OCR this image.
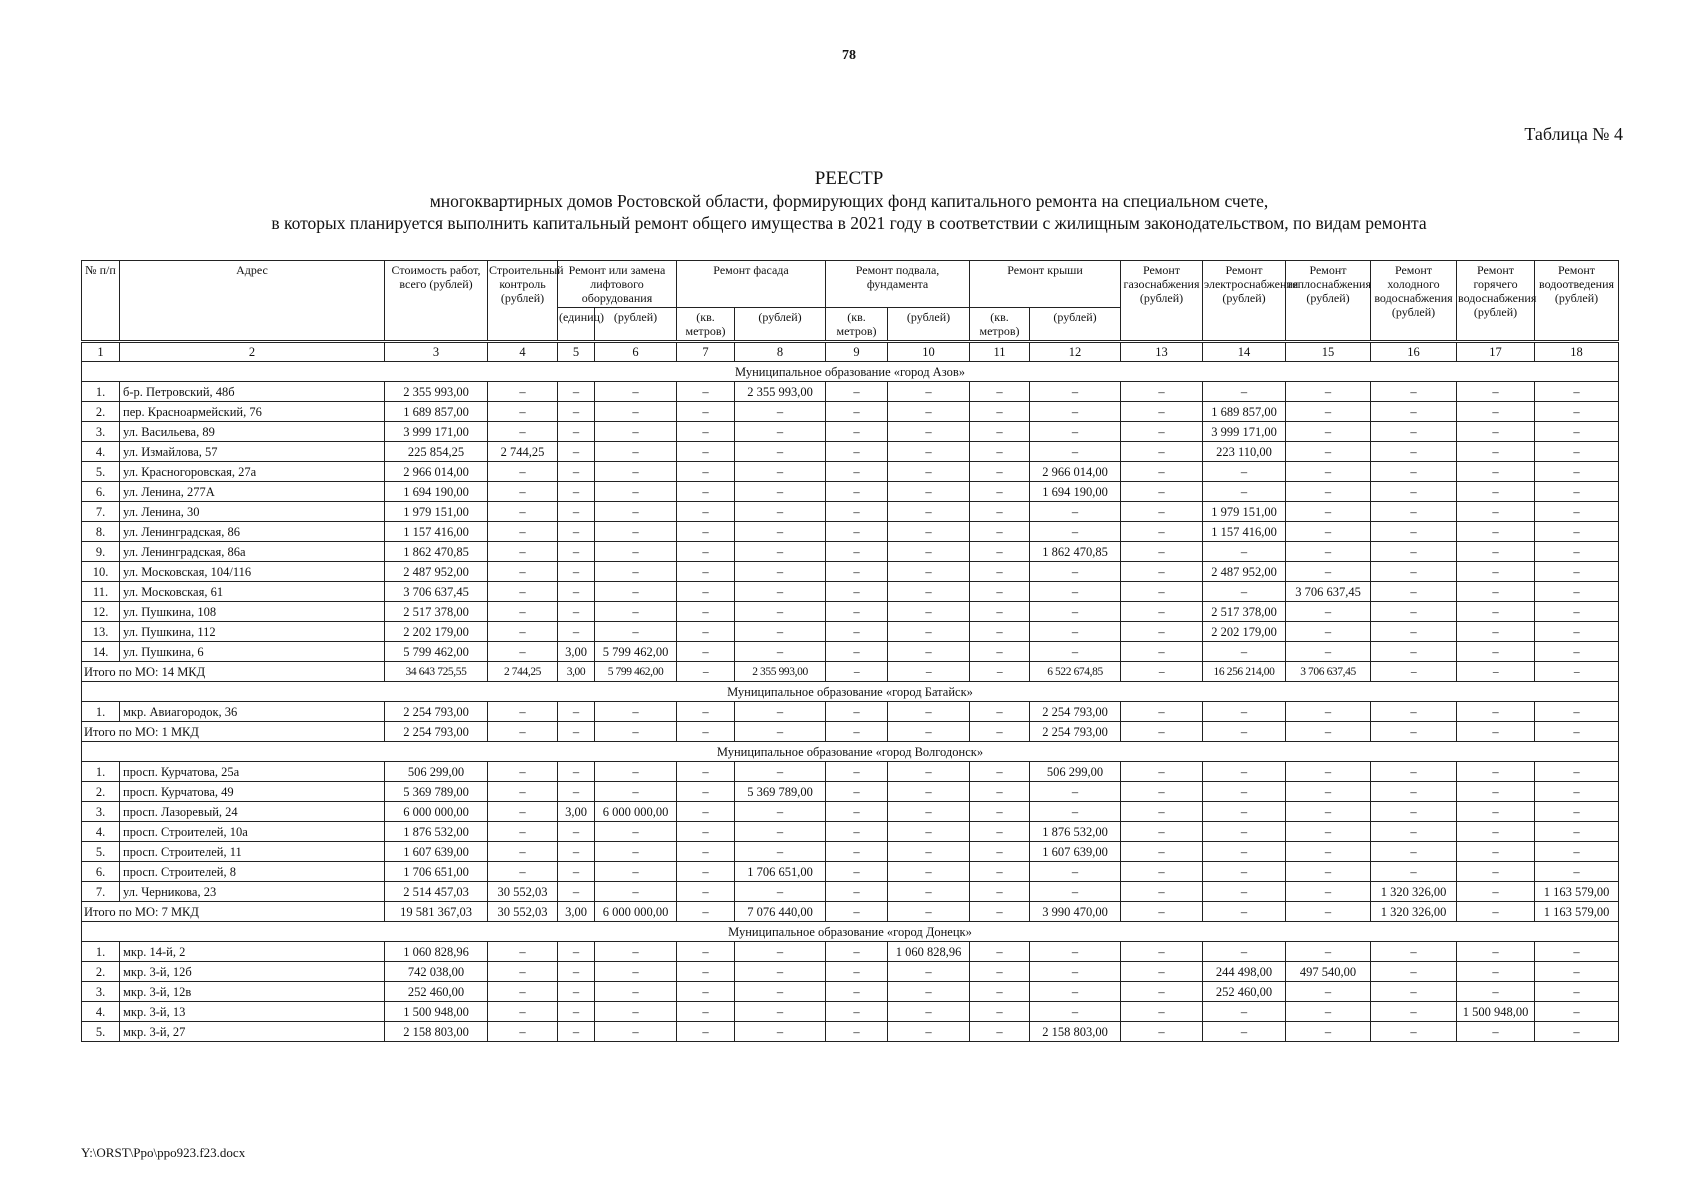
78
Таблица № 4
РЕЕСТР
многоквартирных домов Ростовской области, формирующих фонд капитального ремонта на специальном счете,
в которых планируется выполнить капитальный ремонт общего имущества в 2021 году в соответствии с жилищным законодательством, по видам ремонта
№ п/п	Адрес	Стоимость работ, всего (рублей)	Строительный контроль (рублей)	Ремонт или замена лифтового оборудования		Ремонт фасада		Ремонт подвала, фундамента		Ремонт крыши		Ремонт газоснабжения (рублей)	Ремонт электроснабжения (рублей)	Ремонт теплоснабжения (рублей)	Ремонт холодного водоснабжения (рублей)	Ремонт горячего водоснабжения (рублей)	Ремонт водоотведения (рублей)
				(единиц)	(рублей)	(кв. метров)	(рублей)	(кв. метров)	(рублей)	(кв. метров)	(рублей)						
1	2	3	4	5	6	7	8	9	10	11	12	13	14	15	16	17	18
Муниципальное образование «город Азов»																	
1.	б-р. Петровский, 48б	2 355 993,00	–	–	–	–	2 355 993,00	–	–	–	–	–	–	–	–	–	–
2.	пер. Красноармейский, 76	1 689 857,00	–	–	–	–	–	–	–	–	–	–	1 689 857,00	–	–	–	–
3.	ул. Васильева, 89	3 999 171,00	–	–	–	–	–	–	–	–	–	–	3 999 171,00	–	–	–	–
4.	ул. Измайлова, 57	225 854,25	2 744,25	–	–	–	–	–	–	–	–	–	223 110,00	–	–	–	–
5.	ул. Красногоровская, 27а	2 966 014,00	–	–	–	–	–	–	–	–	2 966 014,00	–	–	–	–	–	–
6.	ул. Ленина, 277А	1 694 190,00	–	–	–	–	–	–	–	–	1 694 190,00	–	–	–	–	–	–
7.	ул. Ленина, 30	1 979 151,00	–	–	–	–	–	–	–	–	–	–	1 979 151,00	–	–	–	–
8.	ул. Ленинградская, 86	1 157 416,00	–	–	–	–	–	–	–	–	–	–	1 157 416,00	–	–	–	–
9.	ул. Ленинградская, 86а	1 862 470,85	–	–	–	–	–	–	–	–	1 862 470,85	–	–	–	–	–	–
10.	ул. Московская, 104/116	2 487 952,00	–	–	–	–	–	–	–	–	–	–	2 487 952,00	–	–	–	–
11.	ул. Московская, 61	3 706 637,45	–	–	–	–	–	–	–	–	–	–	–	3 706 637,45	–	–	–
12.	ул. Пушкина, 108	2 517 378,00	–	–	–	–	–	–	–	–	–	–	2 517 378,00	–	–	–	–
13.	ул. Пушкина, 112	2 202 179,00	–	–	–	–	–	–	–	–	–	–	2 202 179,00	–	–	–	–
14.	ул. Пушкина, 6	5 799 462,00	–	3,00	5 799 462,00	–	–	–	–	–	–	–	–	–	–	–	–
Итого по МО: 14 МКД		34 643 725,55	2 744,25	3,00	5 799 462,00	–	2 355 993,00	–	–	–	6 522 674,85	–	16 256 214,00	3 706 637,45	–	–	–
Муниципальное образование «город Батайск»																	
1.	мкр. Авиагородок, 36	2 254 793,00	–	–	–	–	–	–	–	–	2 254 793,00	–	–	–	–	–	–
Итого по МО: 1 МКД		2 254 793,00	–	–	–	–	–	–	–	–	2 254 793,00	–	–	–	–	–	–
Муниципальное образование «город Волгодонск»																	
1.	просп. Курчатова, 25а	506 299,00	–	–	–	–	–	–	–	–	506 299,00	–	–	–	–	–	–
2.	просп. Курчатова, 49	5 369 789,00	–	–	–	–	5 369 789,00	–	–	–	–	–	–	–	–	–	–
3.	просп. Лазоревый, 24	6 000 000,00	–	3,00	6 000 000,00	–	–	–	–	–	–	–	–	–	–	–	–
4.	просп. Строителей, 10а	1 876 532,00	–	–	–	–	–	–	–	–	1 876 532,00	–	–	–	–	–	–
5.	просп. Строителей, 11	1 607 639,00	–	–	–	–	–	–	–	–	1 607 639,00	–	–	–	–	–	–
6.	просп. Строителей, 8	1 706 651,00	–	–	–	–	1 706 651,00	–	–	–	–	–	–	–	–	–	–
7.	ул. Черникова, 23	2 514 457,03	30 552,03	–	–	–	–	–	–	–	–	–	–	–	1 320 326,00	–	1 163 579,00
Итого по МО: 7 МКД		19 581 367,03	30 552,03	3,00	6 000 000,00	–	7 076 440,00	–	–	–	3 990 470,00	–	–	–	1 320 326,00	–	1 163 579,00
Муниципальное образование «город Донецк»																	
1.	мкр. 14-й, 2	1 060 828,96	–	–	–	–	–	–	1 060 828,96	–	–	–	–	–	–	–	–
2.	мкр. 3-й, 12б	742 038,00	–	–	–	–	–	–	–	–	–	–	244 498,00	497 540,00	–	–	–
3.	мкр. 3-й, 12в	252 460,00	–	–	–	–	–	–	–	–	–	–	252 460,00	–	–	–	–
4.	мкр. 3-й, 13	1 500 948,00	–	–	–	–	–	–	–	–	–	–	–	–	–	1 500 948,00	–
5.	мкр. 3-й, 27	2 158 803,00	–	–	–	–	–	–	–	–	2 158 803,00	–	–	–	–	–	–
Y:\ORST\Ppo\ppo923.f23.docx
